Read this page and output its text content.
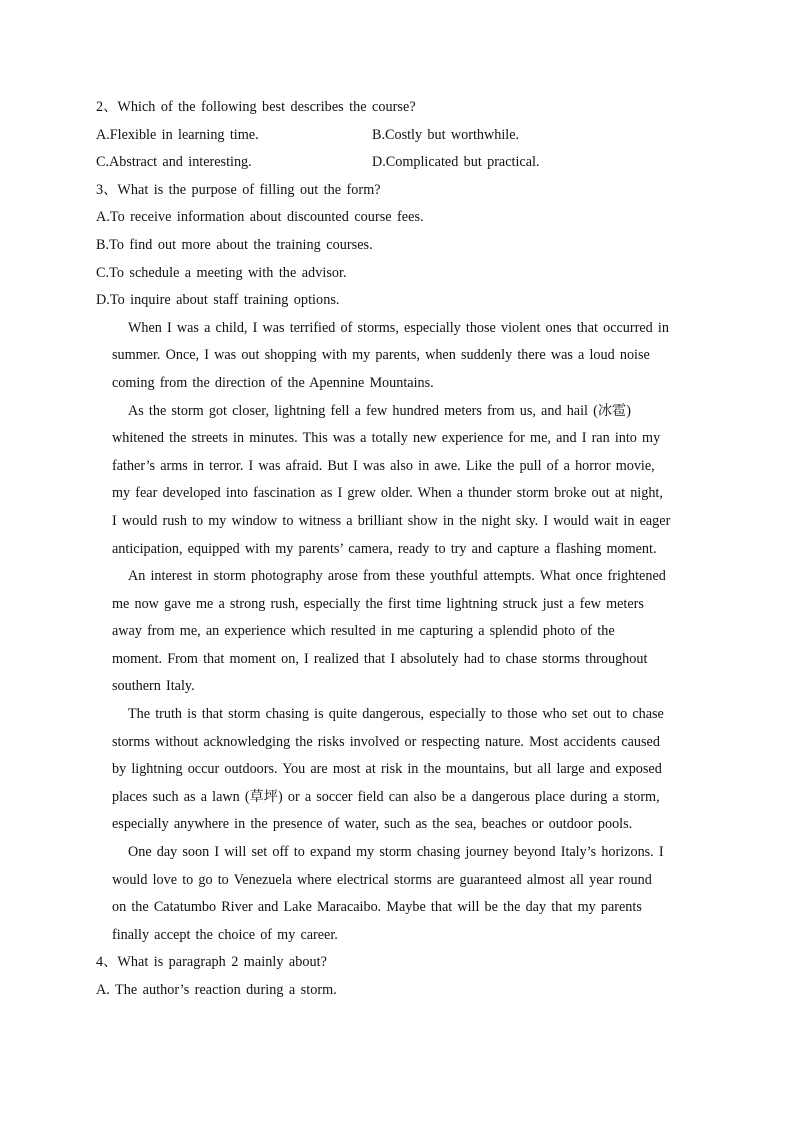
2、Which of the following best describes the course?
A.Flexible in learning time.	B.Costly but worthwhile.
C.Abstract and interesting.	D.Complicated but practical.
3、What is the purpose of filling out the form?
A.To receive information about discounted course fees.
B.To find out more about the training courses.
C.To schedule a meeting with the advisor.
D.To inquire about staff training options.
When I was a child, I was terrified of storms, especially those violent ones that occurred in
summer. Once, I was out shopping with my parents, when suddenly there was a loud noise
coming from the direction of the Apennine Mountains.
As the storm got closer, lightning fell a few hundred meters from us, and hail (冰雹)
whitened the streets in minutes. This was a totally new experience for me, and I ran into my
father’s arms in terror. I was afraid. But I was also in awe. Like the pull of a horror movie,
my fear developed into fascination as I grew older. When a thunder storm broke out at night,
I would rush to my window to witness a brilliant show in the night sky. I would wait in eager
anticipation, equipped with my parents’ camera, ready to try and capture a flashing moment.
An interest in storm photography arose from these youthful attempts. What once frightened
me now gave me a strong rush, especially the first time lightning struck just a few meters
away from me, an experience which resulted in me capturing a splendid photo of the
moment. From that moment on, I realized that I absolutely had to chase storms throughout
southern Italy.
The truth is that storm chasing is quite dangerous, especially to those who set out to chase
storms without acknowledging the risks involved or respecting nature. Most accidents caused
by lightning occur outdoors. You are most at risk in the mountains, but all large and exposed
places such as a lawn (草坪) or a soccer field can also be a dangerous place during a storm,
especially anywhere in the presence of water, such as the sea, beaches or outdoor pools.
One day soon I will set off to expand my storm chasing journey beyond Italy’s horizons. I
would love to go to Venezuela where electrical storms are guaranteed almost all year round
on the Catatumbo River and Lake Maracaibo. Maybe that will be the day that my parents
finally accept the choice of my career.
4、What is paragraph 2 mainly about?
A. The author’s reaction during a storm.
